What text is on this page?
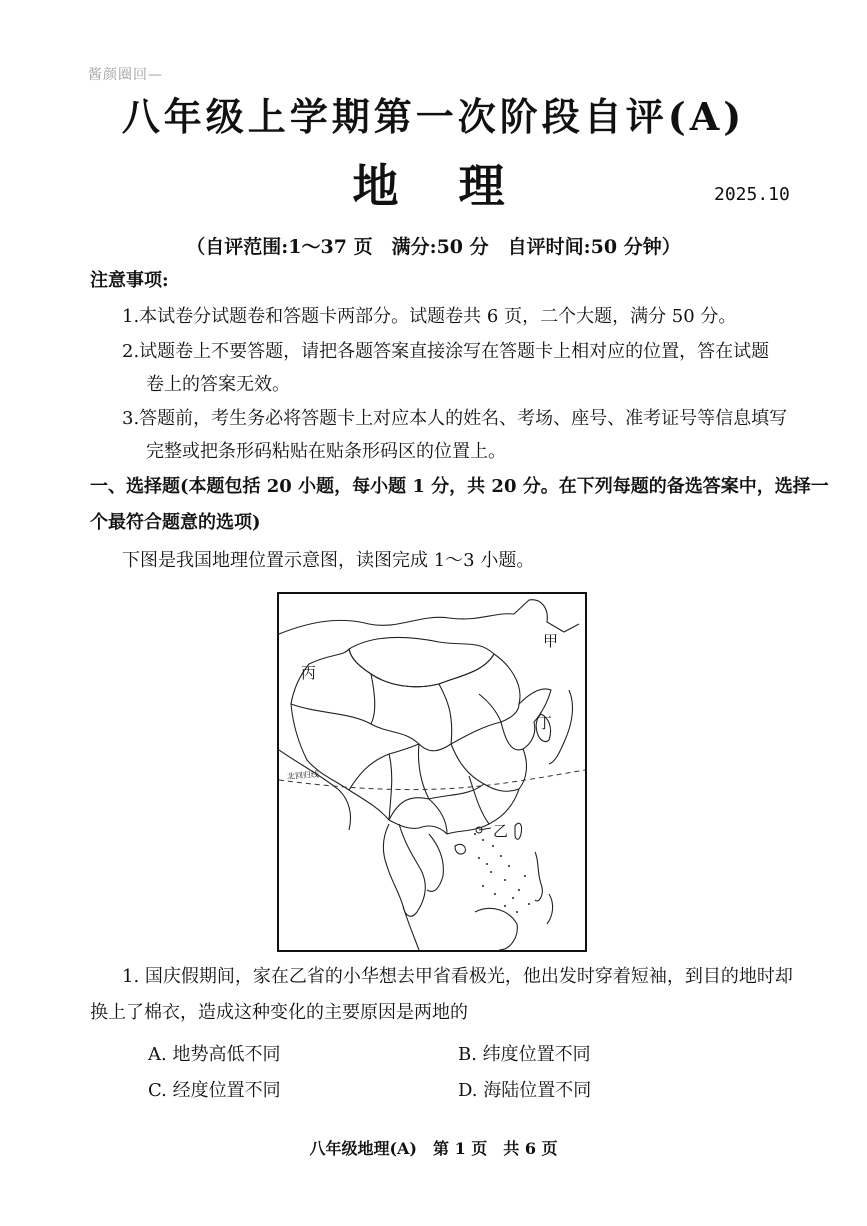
酱颜圈回—
八年级上学期第一次阶段自评(A)
地 理	2025.10
（自评范围:1～37 页　满分:50 分　自评时间:50 分钟）
注意事项:
1.本试卷分试题卷和答题卡两部分。试题卷共 6 页，二个大题，满分 50 分。
2.试题卷上不要答题，请把各题答案直接涂写在答题卡上相对应的位置，答在试题
卷上的答案无效。
3.答题前，考生务必将答题卡上对应本人的姓名、考场、座号、准考证号等信息填写
完整或把条形码粘贴在贴条形码区的位置上。
一、选择题(本题包括 20 小题，每小题 1 分，共 20 分。在下列每题的备选答案中，选择一
个最符合题意的选项)
下图是我国地理位置示意图，读图完成 1～3 小题。
北回归线
甲
丙
丁
乙
1. 国庆假期间，家在乙省的小华想去甲省看极光，他出发时穿着短袖，到目的地时却
换上了棉衣，造成这种变化的主要原因是两地的
A. 地势高低不同	B. 纬度位置不同
C. 经度位置不同	D. 海陆位置不同
八年级地理(A)　第 1 页　共 6 页
